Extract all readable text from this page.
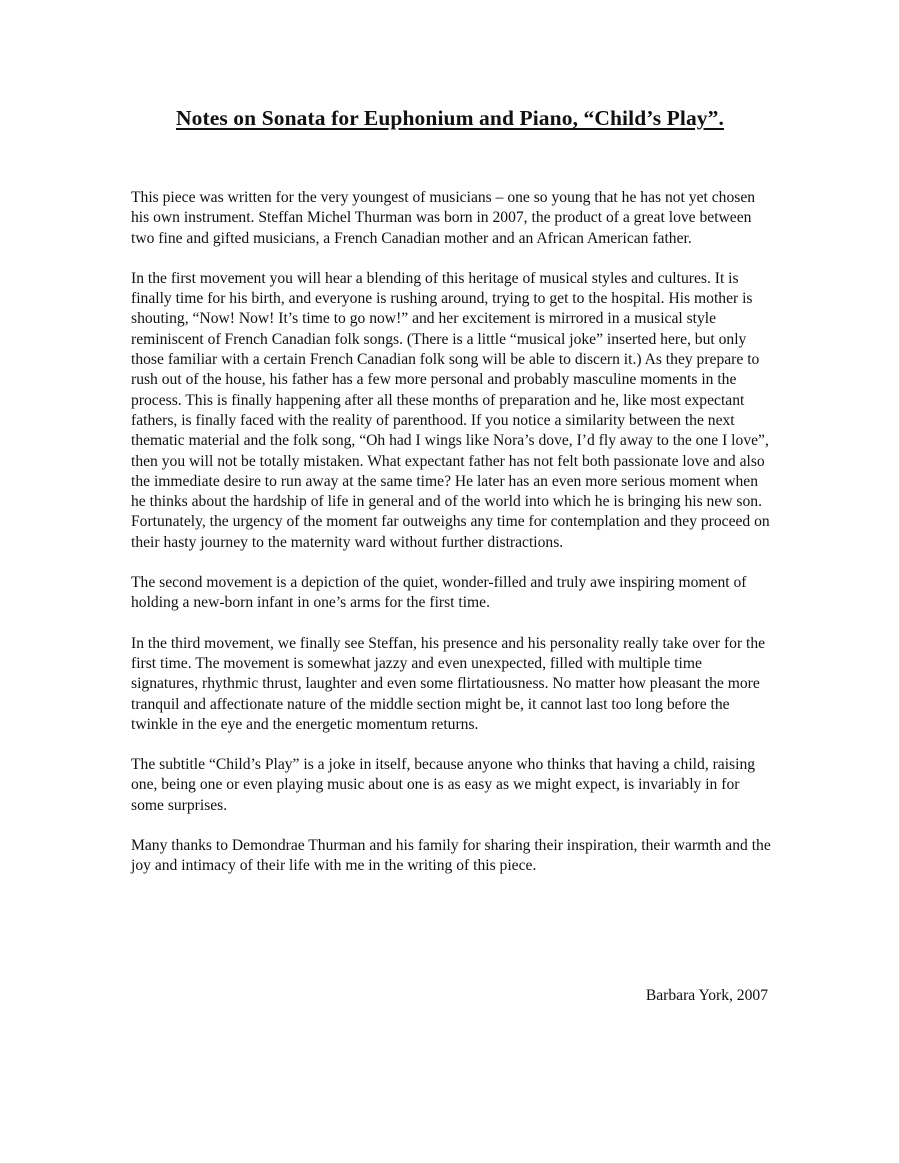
Notes on Sonata for Euphonium and Piano, “Child’s Play”.

This piece was written for the very youngest of musicians – one so young that he has not yet chosen his own instrument. Steffan Michel Thurman was born in 2007, the product of a great love between two fine and gifted musicians, a French Canadian mother and an African American father.

In the first movement you will hear a blending of this heritage of musical styles and cultures. It is finally time for his birth, and everyone is rushing around, trying to get to the hospital. His mother is shouting, “Now! Now! It’s time to go now!” and her excitement is mirrored in a musical style reminiscent of French Canadian folk songs. (There is a little “musical joke” inserted here, but only those familiar with a certain French Canadian folk song will be able to discern it.) As they prepare to rush out of the house, his father has a few more personal and probably masculine moments in the process. This is finally happening after all these months of preparation and he, like most expectant fathers, is finally faced with the reality of parenthood. If you notice a similarity between the next thematic material and the folk song, “Oh had I wings like Nora’s dove, I’d fly away to the one I love”, then you will not be totally mistaken. What expectant father has not felt both passionate love and also the immediate desire to run away at the same time? He later has an even more serious moment when he thinks about the hardship of life in general and of the world into which he is bringing his new son. Fortunately, the urgency of the moment far outweighs any time for contemplation and they proceed on their hasty journey to the maternity ward without further distractions.

The second movement is a depiction of the quiet, wonder-filled and truly awe inspiring moment of holding a new-born infant in one’s arms for the first time.

In the third movement, we finally see Steffan, his presence and his personality really take over for the first time. The movement is somewhat jazzy and even unexpected, filled with multiple time signatures, rhythmic thrust, laughter and even some flirtatiousness. No matter how pleasant the more tranquil and affectionate nature of the middle section might be, it cannot last too long before the twinkle in the eye and the energetic momentum returns.

The subtitle “Child’s Play” is a joke in itself, because anyone who thinks that having a child, raising one, being one or even playing music about one is as easy as we might expect, is invariably in for some surprises.

Many thanks to Demondrae Thurman and his family for sharing their inspiration, their warmth and the joy and intimacy of their life with me in the writing of this piece.

Barbara York, 2007
